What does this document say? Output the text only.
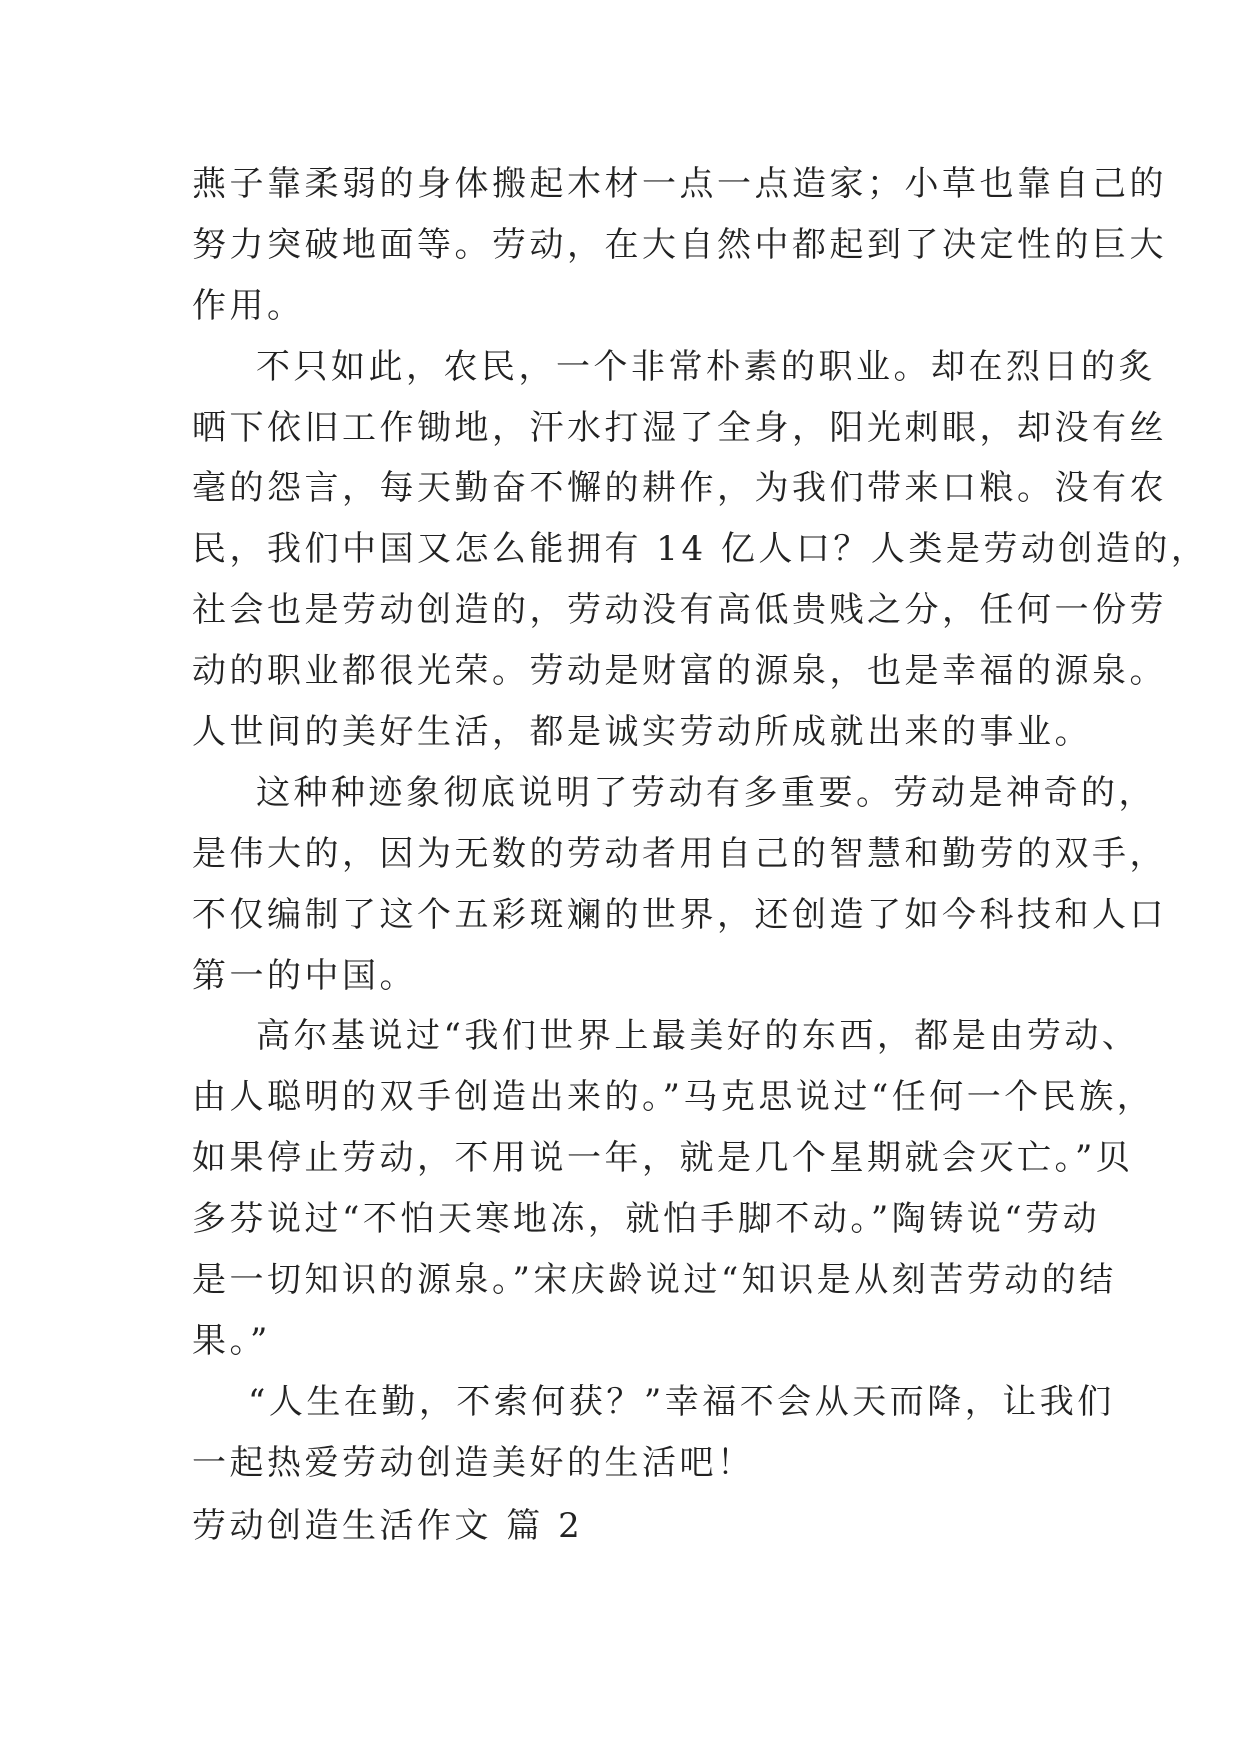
燕子靠柔弱的身体搬起木材一点一点造家；小草也靠自己的
努力突破地面等。劳动，在大自然中都起到了决定性的巨大
作用。
不只如此，农民，一个非常朴素的职业。却在烈日的炙
晒下依旧工作锄地，汗水打湿了全身，阳光刺眼，却没有丝
毫的怨言，每天勤奋不懈的耕作，为我们带来口粮。没有农
民，我们中国又怎么能拥有 14 亿人口？人类是劳动创造的，
社会也是劳动创造的，劳动没有高低贵贱之分，任何一份劳
动的职业都很光荣。劳动是财富的源泉，也是幸福的源泉。
人世间的美好生活，都是诚实劳动所成就出来的事业。
这种种迹象彻底说明了劳动有多重要。劳动是神奇的，
是伟大的，因为无数的劳动者用自己的智慧和勤劳的双手，
不仅编制了这个五彩斑斓的世界，还创造了如今科技和人口
第一的中国。
高尔基说过“我们世界上最美好的东西，都是由劳动、
由人聪明的双手创造出来的。”马克思说过“任何一个民族，
如果停止劳动，不用说一年，就是几个星期就会灭亡。”贝
多芬说过“不怕天寒地冻，就怕手脚不动。”陶铸说“劳动
是一切知识的源泉。”宋庆龄说过“知识是从刻苦劳动的结
果。”
“人生在勤，不索何获？”幸福不会从天而降，让我们
一起热爱劳动创造美好的生活吧！
劳动创造生活作文 篇 2
